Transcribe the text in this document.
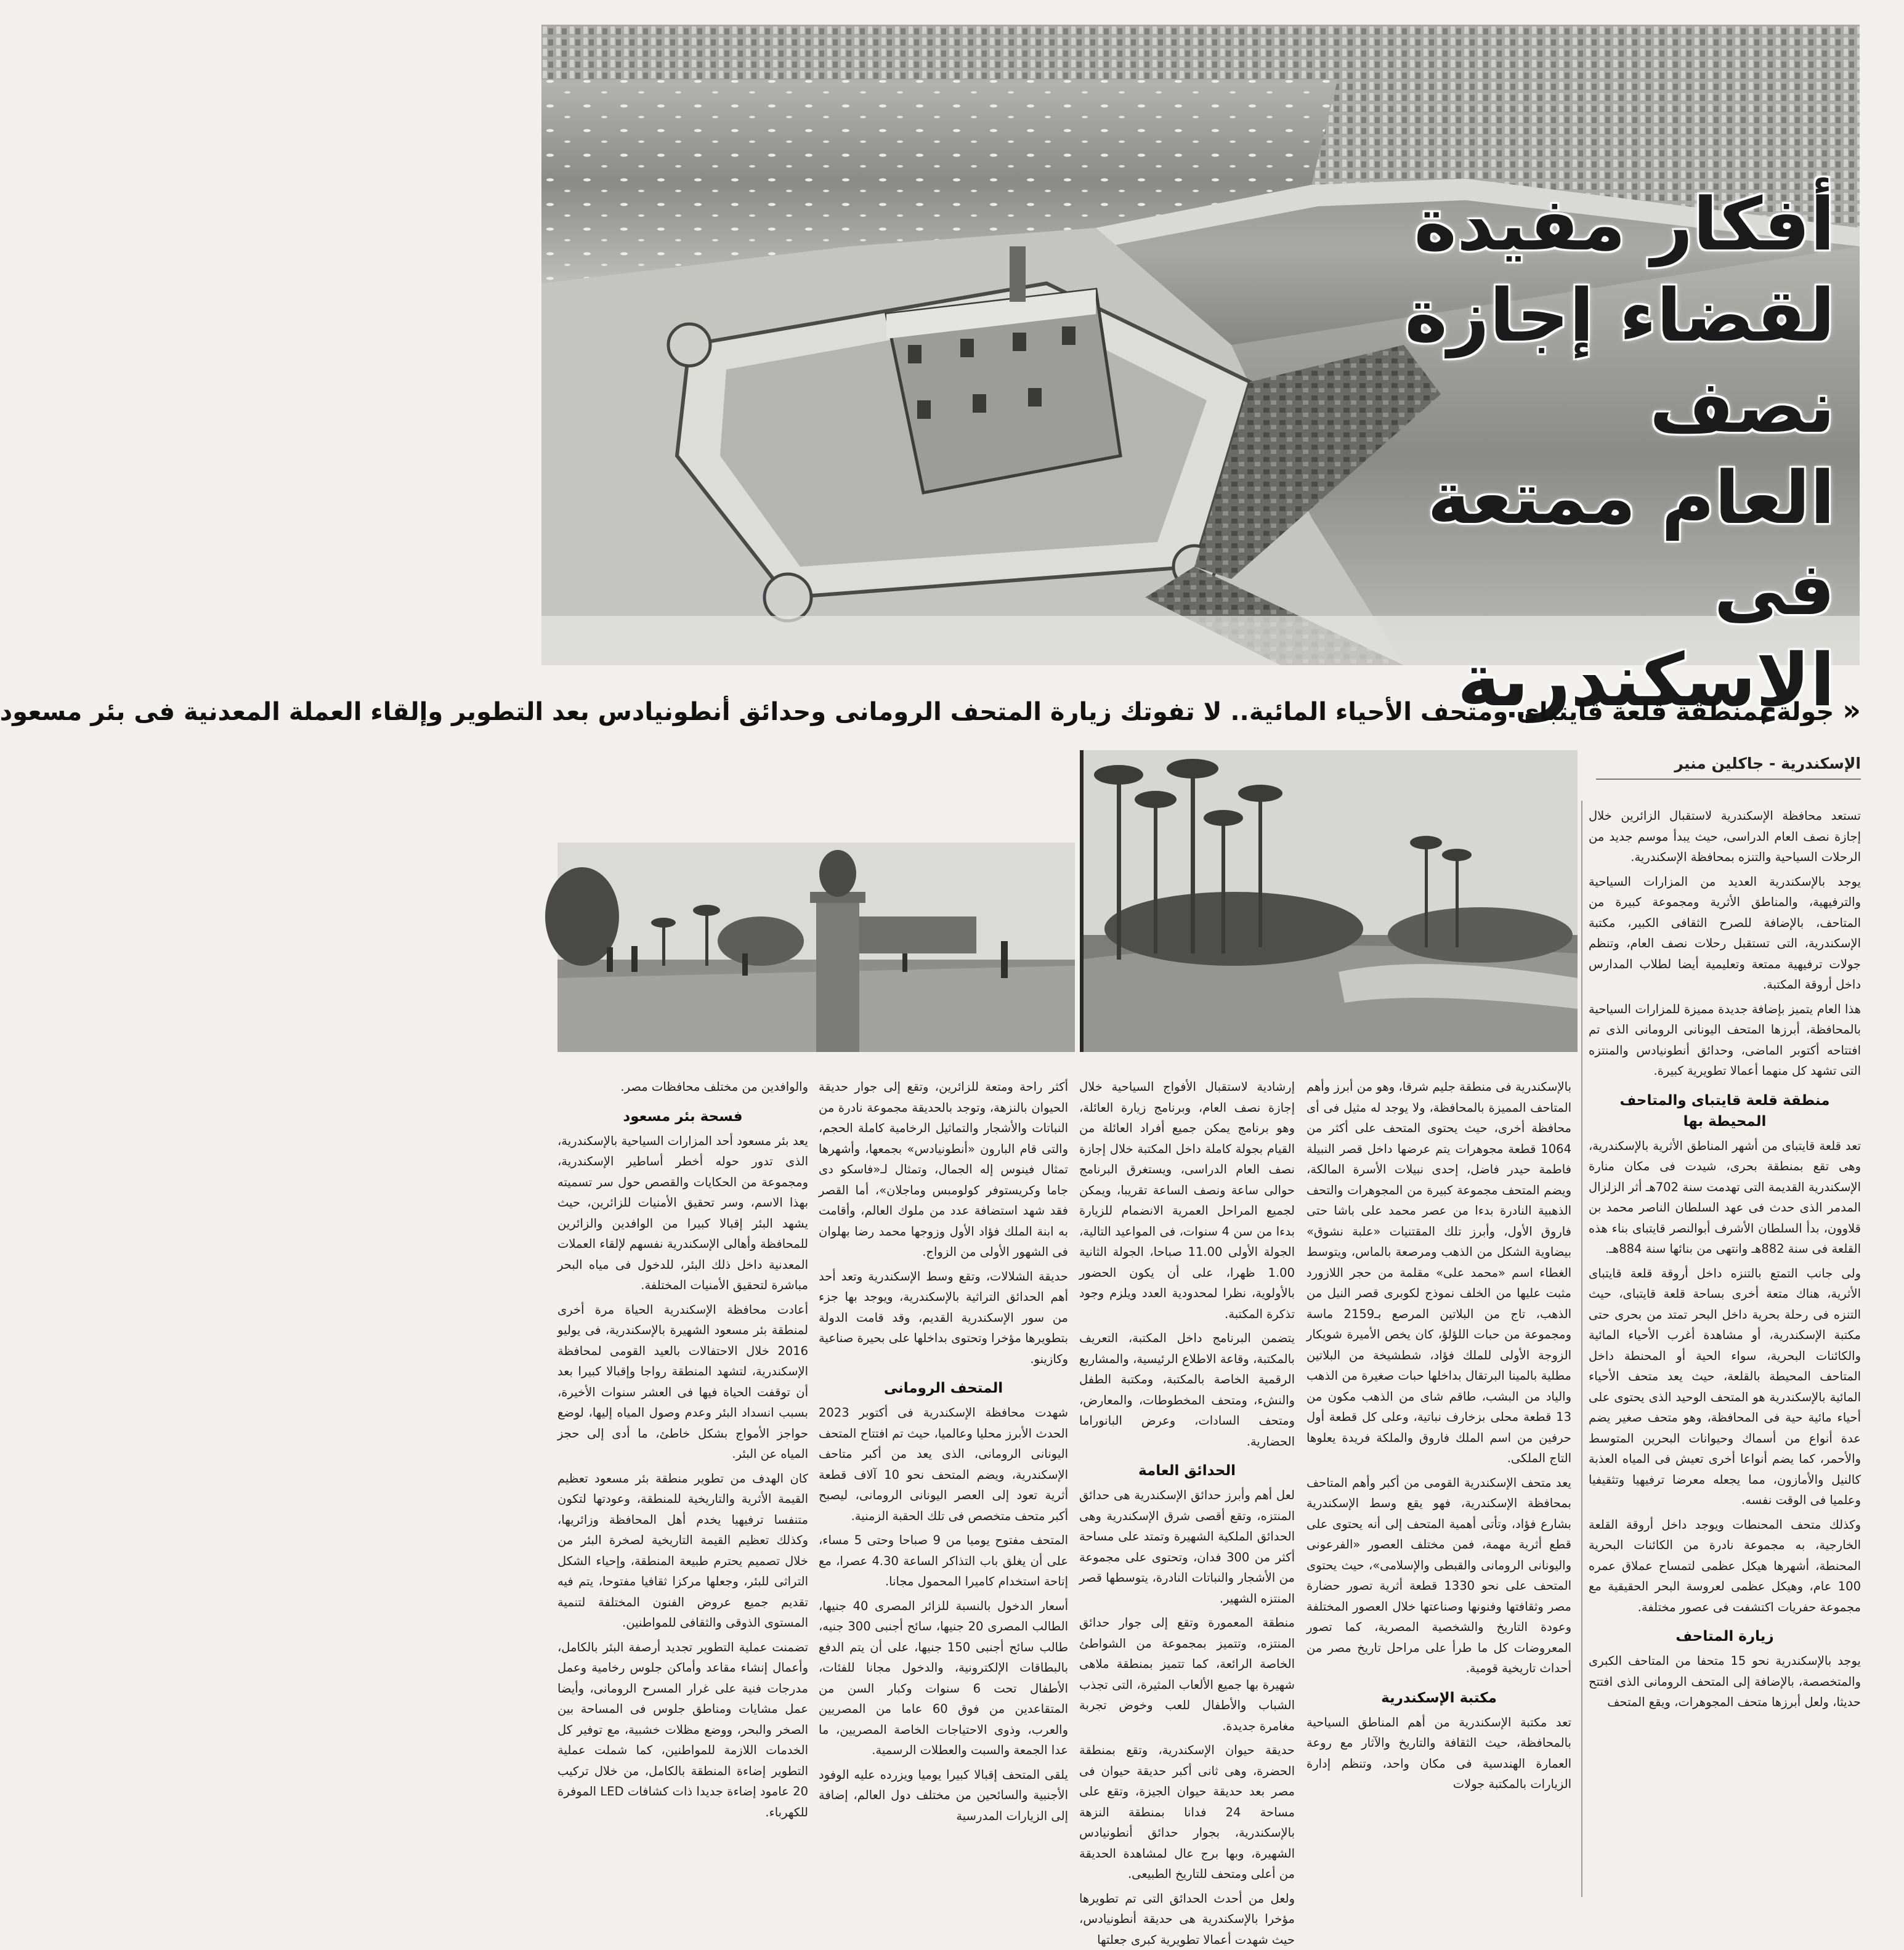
أفكار مفيدة
لقضاء إجازة نصف
العام ممتعة
فى الإسكندرية «جولة بمنطقة قلعة قايتباى ومتحف الأحياء المائية.. لا تفوتك زيارة المتحف الرومانى وحدائق أنطونيادس بعد التطوير وإلقاء العملة المعدنية فى بئر مسعود
الإسكندرية - جاكلين منير

تستعد محافظة الإسكندرية لاستقبال الزائرين خلال إجازة نصف العام الدراسى، حيث يبدأ موسم جديد من الرحلات السياحية والتنزه بمحافظة الإسكندرية.

يوجد بالإسكندرية العديد من المزارات السياحية والترفيهية، والمناطق الأثرية ومجموعة كبيرة من المتاحف، بالإضافة للصرح الثقافى الكبير، مكتبة الإسكندرية، التى تستقبل رحلات نصف العام، وتنظم جولات ترفيهية ممتعة وتعليمية أيضا لطلاب المدارس داخل أروقة المكتبة.

هذا العام يتميز بإضافة جديدة مميزة للمزارات السياحية بالمحافظة، أبرزها المتحف اليونانى الرومانى الذى تم افتتاحه أكتوبر الماضى، وحدائق أنطونيادس والمنتزه التى تشهد كل منهما أعمالا تطويرية كبيرة.

منطقة قلعة قايتباى والمتاحف المحيطة بها

تعد قلعة قايتباى من أشهر المناطق الأثرية بالإسكندرية، وهى تقع بمنطقة بحرى، شيدت فى مكان منارة الإسكندرية القديمة التى تهدمت سنة 702هـ أثر الزلزال المدمر الذى حدث فى عهد السلطان الناصر محمد بن قلاوون، بدأ السلطان الأشرف أبوالنصر قايتباى بناء هذه القلعة فى سنة 882هـ وانتهى من بنائها سنة 884هـ.

ولى جانب التمتع بالتنزه داخل أروقة قلعة قايتباى الأثرية، هناك متعة أخرى بساحة قلعة قايتباى، حيث التنزه فى رحلة بحرية داخل البحر تمتد من بحرى حتى مكتبة الإسكندرية، أو مشاهدة أغرب الأحياء المائية والكائنات البحرية، سواء الحية أو المحنطة داخل المتاحف المحيطة بالقلعة، حيث يعد متحف الأحياء المائية بالإسكندرية هو المتحف الوحيد الذى يحتوى على أحياء مائية حية فى المحافظة، وهو متحف صغير يضم عدة أنواع من أسماك وحيوانات البحرين المتوسط والأحمر، كما يضم أنواعا أخرى تعيش فى المياه العذبة كالنيل والأمازون، مما يجعله معرضا ترفيهيا وتثقيفيا وعلميا فى الوقت نفسه.

وكذلك متحف المحنطات ويوجد داخل أروقة القلعة الخارجية، به مجموعة نادرة من الكائنات البحرية المحنطة، أشهرها هيكل عظمى لتمساح عملاق عمره 100 عام، وهيكل عظمى لعروسة البحر الحقيقية مع مجموعة حفريات اكتشفت فى عصور مختلفة.

زيارة المتاحف

يوجد بالإسكندرية نحو 15 متحفا من المتاحف الكبرى والمتخصصة، بالإضافة إلى المتحف الرومانى الذى افتتح حديثا، ولعل أبرزها متحف المجوهرات، ويقع المتحف

بالإسكندرية فى منطقة جليم شرقا، وهو من أبرز وأهم المتاحف المميزة بالمحافظة، ولا يوجد له مثيل فى أى محافظة أخرى، حيث يحتوى المتحف على أكثر من 1064 قطعة مجوهرات يتم عرضها داخل قصر النبيلة فاطمة حيدر فاضل، إحدى نبيلات الأسرة المالكة، ويضم المتحف مجموعة كبيرة من المجوهرات والتحف الذهبية النادرة بدءا من عصر محمد على باشا حتى فاروق الأول، وأبرز تلك المقتنيات «علبة نشوق» بيضاوية الشكل من الذهب ومرصعة بالماس، ويتوسط الغطاء اسم «محمد على» مقلمة من حجر اللازورد مثبت عليها من الخلف نموذج لكوبرى قصر النيل من الذهب، تاج من البلاتين المرصع بـ2159 ماسة ومجموعة من حبات اللؤلؤ، كان يخص الأميرة شويكار الزوجة الأولى للملك فؤاد، شطشيخة من البلاتين مطلية بالمينا البرتقال بداخلها حبات صغيرة من الذهب والياد من البشب، طاقم شاى من الذهب مكون من 13 قطعة محلى بزخارف نباتية، وعلى كل قطعة أول حرفين من اسم الملك فاروق والملكة فريدة يعلوها التاج الملكى.

يعد متحف الإسكندرية القومى من أكبر وأهم المتاحف بمحافظة الإسكندرية، فهو يقع وسط الإسكندرية بشارع فؤاد، وتأتى أهمية المتحف إلى أنه يحتوى على قطع أثرية مهمة، فمن مختلف العصور «الفرعونى واليونانى الرومانى والقبطى والإسلامى»، حيث يحتوى المتحف على نحو 1330 قطعة أثرية تصور حضارة مصر وثقافتها وفنونها وصناعتها خلال العصور المختلفة وعودة التاريخ والشخصية المصرية، كما تصور المعروضات كل ما طرأ على مراحل تاريخ مصر من أحداث تاريخية قومية.

مكتبة الإسكندرية

تعد مكتبة الإسكندرية من أهم المناطق السياحية بالمحافظة، حيث الثقافة والتاريخ والآثار مع روعة العمارة الهندسية فى مكان واحد، وتنظم إدارة الزيارات بالمكتبة جولات

إرشادية لاستقبال الأفواج السياحية خلال إجازة نصف العام، وبرنامج زيارة العائلة، وهو برنامج يمكن جميع أفراد العائلة من القيام بجولة كاملة داخل المكتبة خلال إجازة نصف العام الدراسى، ويستغرق البرنامج حوالى ساعة ونصف الساعة تقريبا، ويمكن لجميع المراحل العمرية الانضمام للزيارة بدءا من سن 4 سنوات، فى المواعيد التالية، الجولة الأولى 11.00 صباحا، الجولة الثانية 1.00 ظهرا، على أن يكون الحضور بالأولوية، نظرا لمحدودية العدد ويلزم وجود تذكرة المكتبة.

يتضمن البرنامج داخل المكتبة، التعريف بالمكتبة، وقاعة الاطلاع الرئيسية، والمشاريع الرقمية الخاصة بالمكتبة، ومكتبة الطفل والنشء، ومتحف المخطوطات، والمعارض، ومتحف السادات، وعرض البانوراما الحضارية.

الحدائق العامة

لعل أهم وأبرز حدائق الإسكندرية هى حدائق المنتزه، وتقع أقصى شرق الإسكندرية وهى الحدائق الملكية الشهيرة وتمتد على مساحة أكثر من 300 فدان، وتحتوى على مجموعة من الأشجار والنباتات النادرة، يتوسطها قصر المنتزه الشهير.

منطقة المعمورة وتقع إلى جوار حدائق المنتزه، وتتميز بمجموعة من الشواطئ الخاصة الرائعة، كما تتميز بمنطقة ملاهى شهيرة بها جميع الألعاب المثيرة، التى تجذب الشباب والأطفال للعب وخوض تجربة مغامرة جديدة.

حديقة حيوان الإسكندرية، وتقع بمنطقة الحضرة، وهى ثانى أكبر حديقة حيوان فى مصر بعد حديقة حيوان الجيزة، وتقع على مساحة 24 فدانا بمنطقة النزهة بالإسكندرية، بجوار حدائق أنطونيادس الشهيرة، وبها برج عال لمشاهدة الحديقة من أعلى ومتحف للتاريخ الطبيعى.

ولعل من أحدث الحدائق التى تم تطويرها مؤخرا بالإسكندرية هى حديقة أنطونيادس، حيث شهدت أعمالا تطويرية كبرى جعلتها

أكثر راحة ومتعة للزائرين، وتقع إلى جوار حديقة الحيوان بالنزهة، وتوجد بالحديقة مجموعة نادرة من النباتات والأشجار والتماثيل الرخامية كاملة الحجم، والتى قام البارون «أنطونيادس» بجمعها، وأشهرها تمثال فينوس إله الجمال، وتمثال لـ«فاسكو دى جاما وكريستوفر كولومبس وماجلان»، أما القصر فقد شهد استضافة عدد من ملوك العالم، وأقامت به ابنة الملك فؤاد الأول وزوجها محمد رضا بهلوان فى الشهور الأولى من الزواج.

حديقة الشلالات، وتقع وسط الإسكندرية وتعد أحد أهم الحدائق التراثية بالإسكندرية، ويوجد بها جزء من سور الإسكندرية القديم، وقد قامت الدولة بتطويرها مؤخرا وتحتوى بداخلها على بحيرة صناعية وكازينو.

المتحف الرومانى

شهدت محافظة الإسكندرية فى أكتوبر 2023 الحدث الأبرز محليا وعالميا، حيث تم افتتاح المتحف اليونانى الرومانى، الذى يعد من أكبر متاحف الإسكندرية، ويضم المتحف نحو 10 آلاف قطعة أثرية تعود إلى العصر اليونانى الرومانى، ليصبح أكبر متحف متخصص فى تلك الحقبة الزمنية.

المتحف مفتوح يوميا من 9 صباحا وحتى 5 مساء، على أن يغلق باب التذاكر الساعة 4.30 عصرا، مع إتاحة استخدام كاميرا المحمول مجانا.

أسعار الدخول بالنسبة للزائر المصرى 40 جنيها، الطالب المصرى 20 جنيها، سائح أجنبى 300 جنيه، طالب سائح أجنبى 150 جنيها، على أن يتم الدفع بالبطاقات الإلكترونية، والدخول مجانا للفئات، الأطفال تحت 6 سنوات وكبار السن من المتقاعدين من فوق 60 عاما من المصريين والعرب، وذوى الاحتياجات الخاصة المصريين، ما عدا الجمعة والسبت والعطلات الرسمية.

يلقى المتحف إقبالا كبيرا يوميا ويزرده عليه الوفود الأجنبية والسائحين من مختلف دول العالم، إضافة إلى الزيارات المدرسية

والوافدين من مختلف محافظات مصر.

فسحة بئر مسعود

يعد بئر مسعود أحد المزارات السياحية بالإسكندرية، الذى تدور حوله أخطر أساطير الإسكندرية، ومجموعة من الحكايات والقصص حول سر تسميته بهذا الاسم، وسر تحقيق الأمنيات للزائرين، حيث يشهد البئر إقبالا كبيرا من الوافدين والزائرين للمحافظة وأهالى الإسكندرية نفسهم لإلقاء العملات المعدنية داخل ذلك البئر، للدخول فى مياه البحر مباشرة لتحقيق الأمنيات المختلفة.

أعادت محافظة الإسكندرية الحياة مرة أخرى لمنطقة بئر مسعود الشهيرة بالإسكندرية، فى يوليو 2016 خلال الاحتفالات بالعيد القومى لمحافظة الإسكندرية، لتشهد المنطقة رواجا وإقبالا كبيرا بعد أن توقفت الحياة فيها فى العشر سنوات الأخيرة، بسبب انسداد البئر وعدم وصول المياه إليها، لوضع حواجز الأمواج بشكل خاطئ، ما أدى إلى حجز المياه عن البئر.

كان الهدف من تطوير منطقة بئر مسعود تعظيم القيمة الأثرية والتاريخية للمنطقة، وعودتها لتكون متنفسا ترفيهيا يخدم أهل المحافظة وزائريها، وكذلك تعظيم القيمة التاريخية لصخرة البئر من خلال تصميم يحترم طبيعة المنطقة، وإحياء الشكل التراثى للبئر، وجعلها مركزا ثقافيا مفتوحا، يتم فيه تقديم جميع عروض الفنون المختلفة لتنمية المستوى الذوقى والثقافى للمواطنين.

تضمنت عملية التطوير تجديد أرصفة البئر بالكامل، وأعمال إنشاء مقاعد وأماكن جلوس رخامية وعمل مدرجات فنية على غرار المسرح الرومانى، وأيضا عمل مشايات ومناطق جلوس فى المساحة بين الصخر والبحر، ووضع مظلات خشبية، مع توفير كل الخدمات اللازمة للمواطنين، كما شملت عملية التطوير إضاءة المنطقة بالكامل، من خلال تركيب 20 عامود إضاءة جديدا ذات كشافات LED الموفرة للكهرباء.
